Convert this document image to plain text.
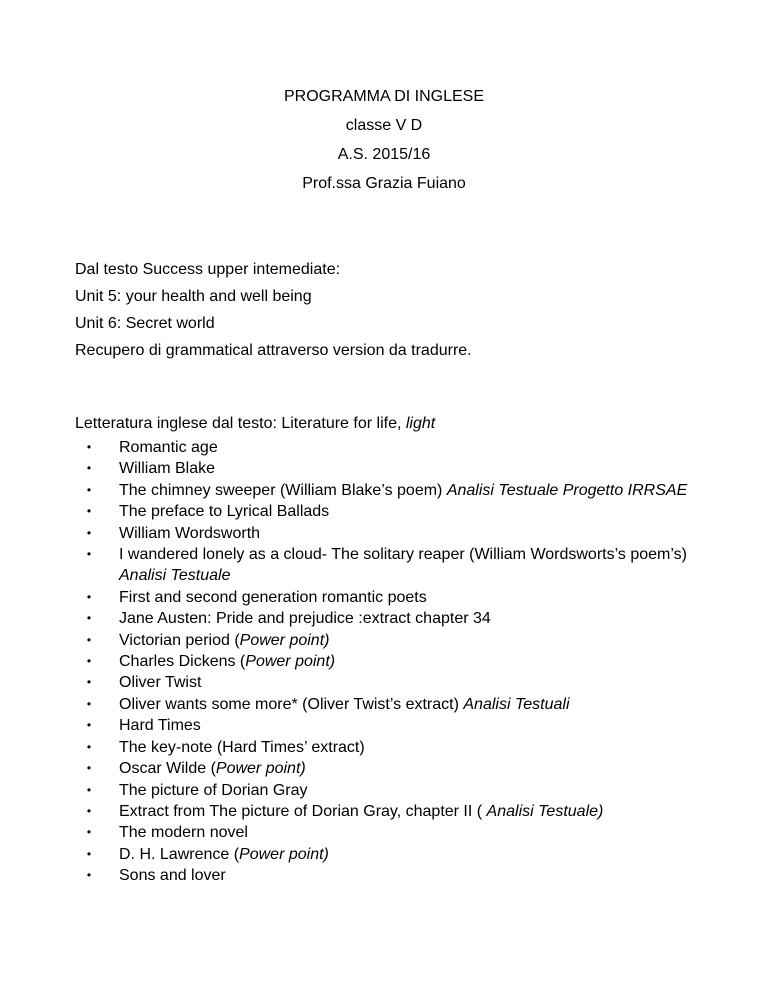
PROGRAMMA DI INGLESE
classe V D
A.S. 2015/16
Prof.ssa Grazia Fuiano
Dal testo Success upper intemediate:
Unit 5: your health and well being
Unit 6: Secret world
Recupero di grammatical attraverso version da tradurre.
Letteratura inglese dal testo: Literature for life, light
•	Romantic age
•	William Blake
•	The chimney sweeper (William Blake’s poem) Analisi Testuale Progetto IRRSAE
•	The preface to Lyrical Ballads
•	William Wordsworth
•	I wandered lonely as a cloud- The solitary reaper (William Wordsworts’s poem’s) Analisi Testuale
•	First and second generation romantic poets
•	Jane Austen: Pride and prejudice :extract chapter 34
•	Victorian period (Power point)
•	Charles Dickens (Power point)
•	Oliver Twist
•	Oliver wants some more* (Oliver Twist’s extract) Analisi Testuali
•	Hard Times
•	The key-note (Hard Times’ extract)
•	Oscar Wilde (Power point)
•	The picture of Dorian Gray
•	Extract from The picture of Dorian Gray, chapter II ( Analisi Testuale)
•	The modern novel
•	D. H. Lawrence (Power point)
•	Sons and lover
